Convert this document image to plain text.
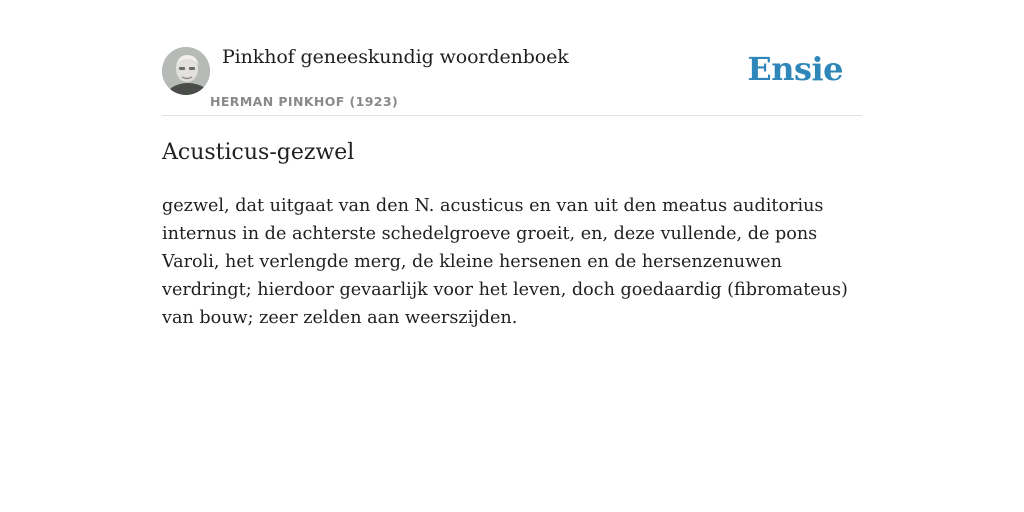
Pinkhof geneeskundig woordenboek
HERMAN PINKHOF (1923)
Ensie
Acusticus-gezwel

gezwel, dat uitgaat van den N. acusticus en van uit den meatus auditorius internus in de achterste schedelgroeve groeit, en, deze vullende, de pons Varoli, het verlengde merg, de kleine hersenen en de hersenzenuwen verdringt; hierdoor gevaarlijk voor het leven, doch goedaardig (fibromateus) van bouw; zeer zelden aan weerszijden.
